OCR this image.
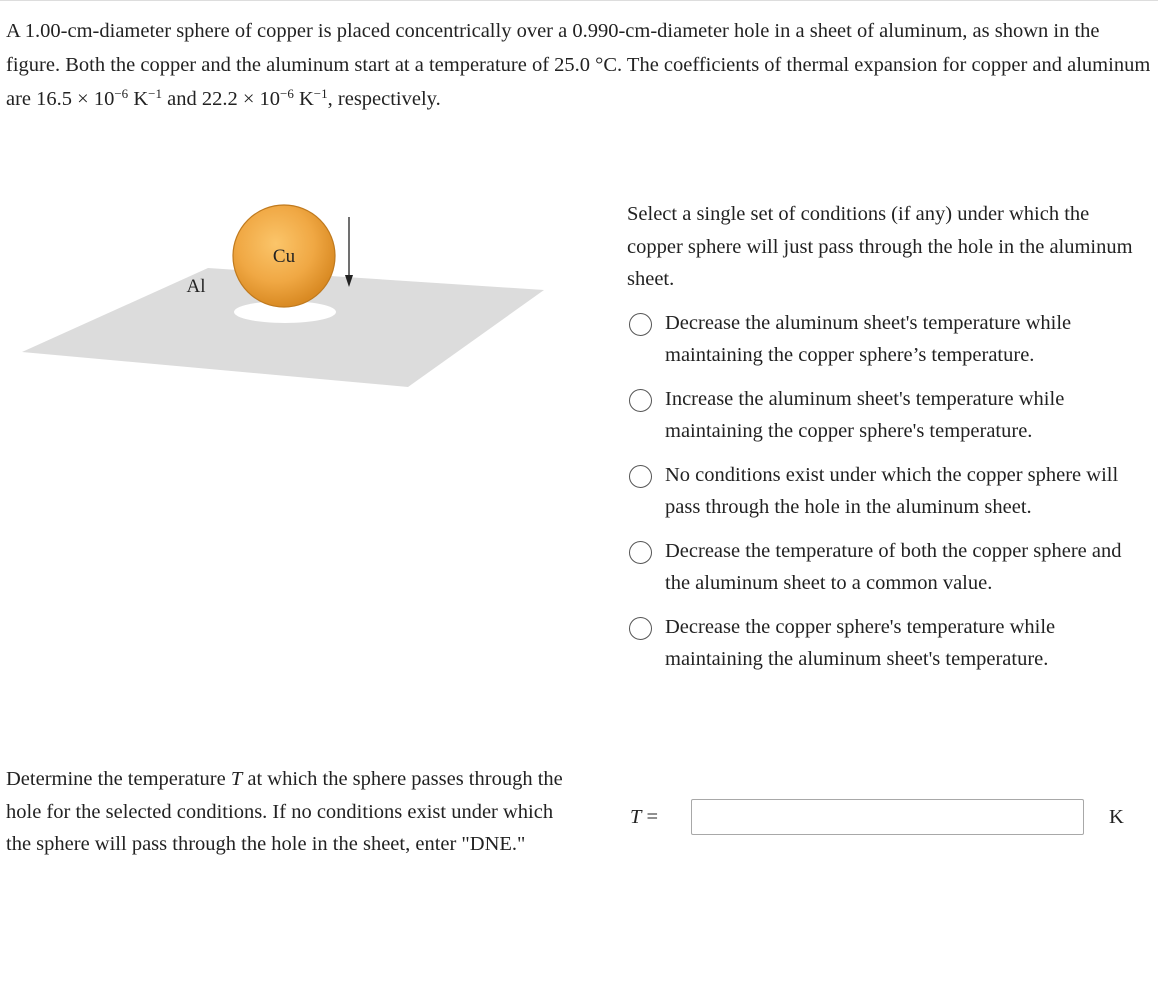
A 1.00-cm-diameter sphere of copper is placed concentrically over a 0.990-cm-diameter hole in a sheet of aluminum, as shown in the figure. Both the copper and the aluminum start at a temperature of 25.0 °C. The coefficients of thermal expansion for copper and aluminum are $16.5 \times 10^{-6}$ $K^{-1}$ and $22.2 \times 10^{-6}$ $K^{-1}$, respectively.

Cu
Al

Select a single set of conditions (if any) under which the copper sphere will just pass through the hole in the aluminum sheet.

Decrease the aluminum sheet's temperature while maintaining the copper sphere’s temperature.
Increase the aluminum sheet's temperature while maintaining the copper sphere's temperature.
No conditions exist under which the copper sphere will pass through the hole in the aluminum sheet.
Decrease the temperature of both the copper sphere and the aluminum sheet to a common value.
Decrease the copper sphere's temperature while maintaining the aluminum sheet's temperature.

Determine the temperature T at which the sphere passes through the hole for the selected conditions. If no conditions exist under which the sphere will pass through the hole in the sheet, enter "DNE."

T =	K
